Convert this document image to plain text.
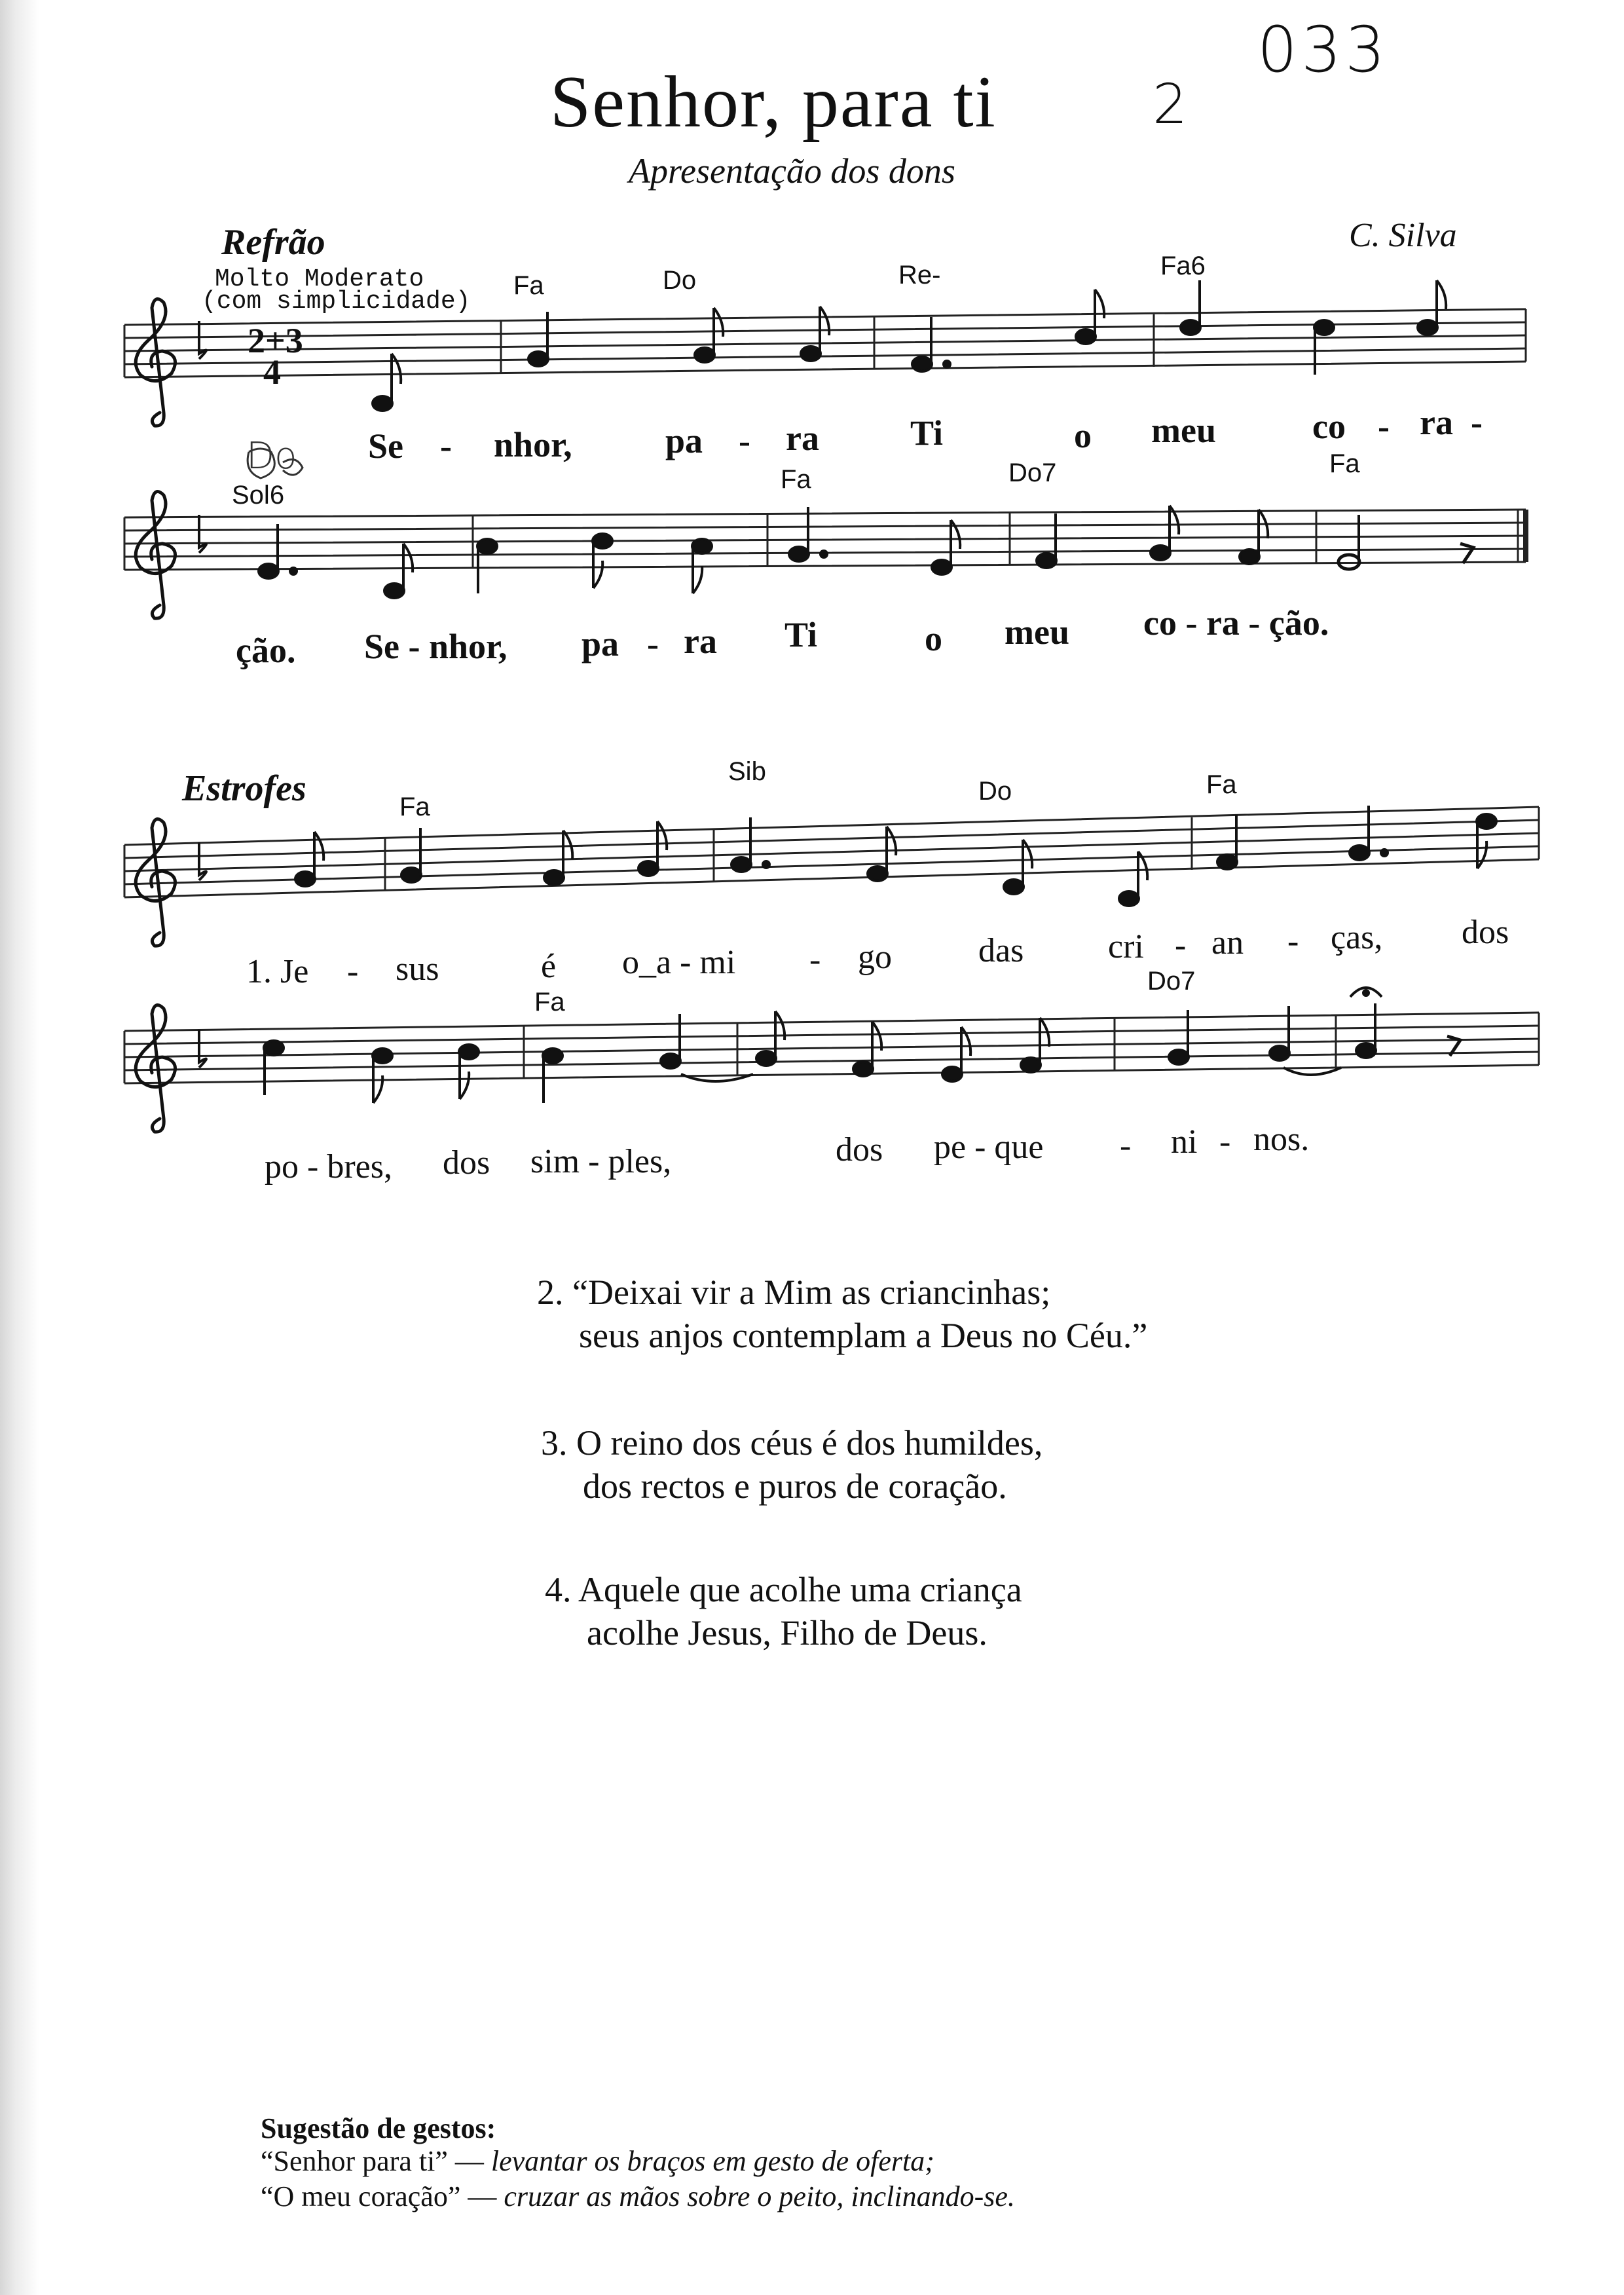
Senhor, para ti	2
033
Apresentação dos dons
Refrão	C. Silva
Molto Moderato
(com simplicidade)
Fa	Do	Re-	Fa6
2+3
4
Se - nhor,	pa - ra	Ti	o meu	co - ra -
Sol6
Fa	Do7	Fa
ção. Se - nhor, pa - ra Ti	o meu co - ra - ção.
Estrofes	Fa
Sib
Do	Fa
1. Je - sus	é o_a - mi - go	das cri - an - ças, dos
Fa
Do7
po - bres, dos sim - ples,	dos pe - que - ni - nos.
2. “Deixai vir a Mim as criancinhas;
seus anjos contemplam a Deus no Céu.”
3. O reino dos céus é dos humildes,
dos rectos e puros de coração.
4. Aquele que acolhe uma criança
acolhe Jesus, Filho de Deus.
Sugestão de gestos:
“Senhor para ti” — levantar os braços em gesto de oferta;
“O meu coração” — cruzar as mãos sobre o peito, inclinando-se.
Do
